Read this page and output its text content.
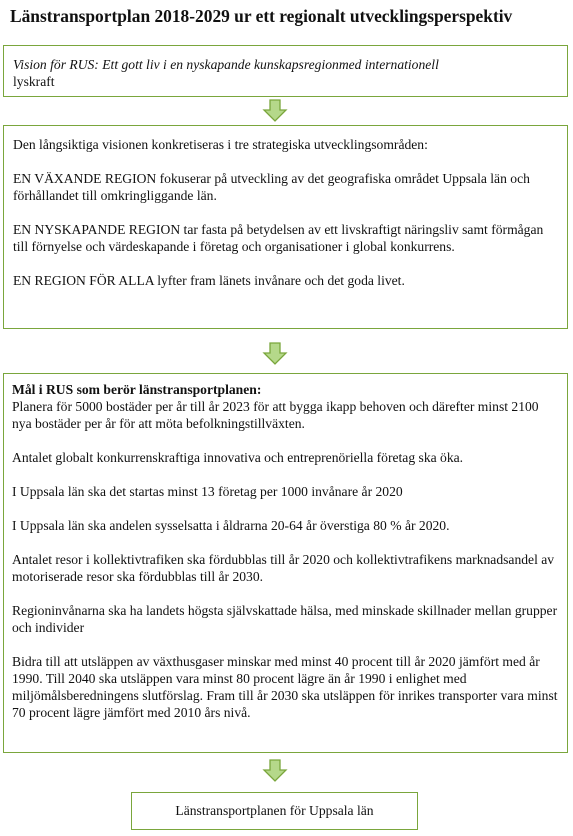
Länstransportplan 2018-2029 ur ett regionalt utvecklingsperspektiv
Vision för RUS: Ett gott liv i en nyskapande kunskapsregionmed internationell
lyskraft

Den långsiktiga visionen konkretiseras i tre strategiska utvecklingsområden:

EN VÄXANDE REGION fokuserar på utveckling av det geografiska området Uppsala län och förhållandet till omkringliggande län.

EN NYSKAPANDE REGION tar fasta på betydelsen av ett livskraftigt näringsliv samt förmågan till förnyelse och värdeskapande i företag och organisationer i global konkurrens.

EN REGION FÖR ALLA lyfter fram länets invånare och det goda livet.

Mål i RUS som berör länstransportplanen:

Planera för 5000 bostäder per år till år 2023 för att bygga ikapp behoven och därefter minst 2100 nya bostäder per år för att möta befolkningstillväxten.

Antalet globalt konkurrenskraftiga innovativa och entreprenöriella företag ska öka.

I Uppsala län ska det startas minst 13 företag per 1000 invånare år 2020

I Uppsala län ska andelen sysselsatta i åldrarna 20-64 år överstiga 80 % år 2020.

Antalet resor i kollektivtrafiken ska fördubblas till år 2020 och kollektivtrafikens marknadsandel av motoriserade resor ska fördubblas till år 2030.

Regioninvånarna ska ha landets högsta självskattade hälsa, med minskade skillnader mellan grupper och individer

Bidra till att utsläppen av växthusgaser minskar med minst 40 procent till år 2020 jämfört med år 1990. Till 2040 ska utsläppen vara minst 80 procent lägre än år 1990 i enlighet med miljömålsberedningens slutförslag. Fram till år 2030 ska utsläppen för inrikes transporter vara minst 70 procent lägre jämfört med 2010 års nivå.

Länstransportplanen för Uppsala län
